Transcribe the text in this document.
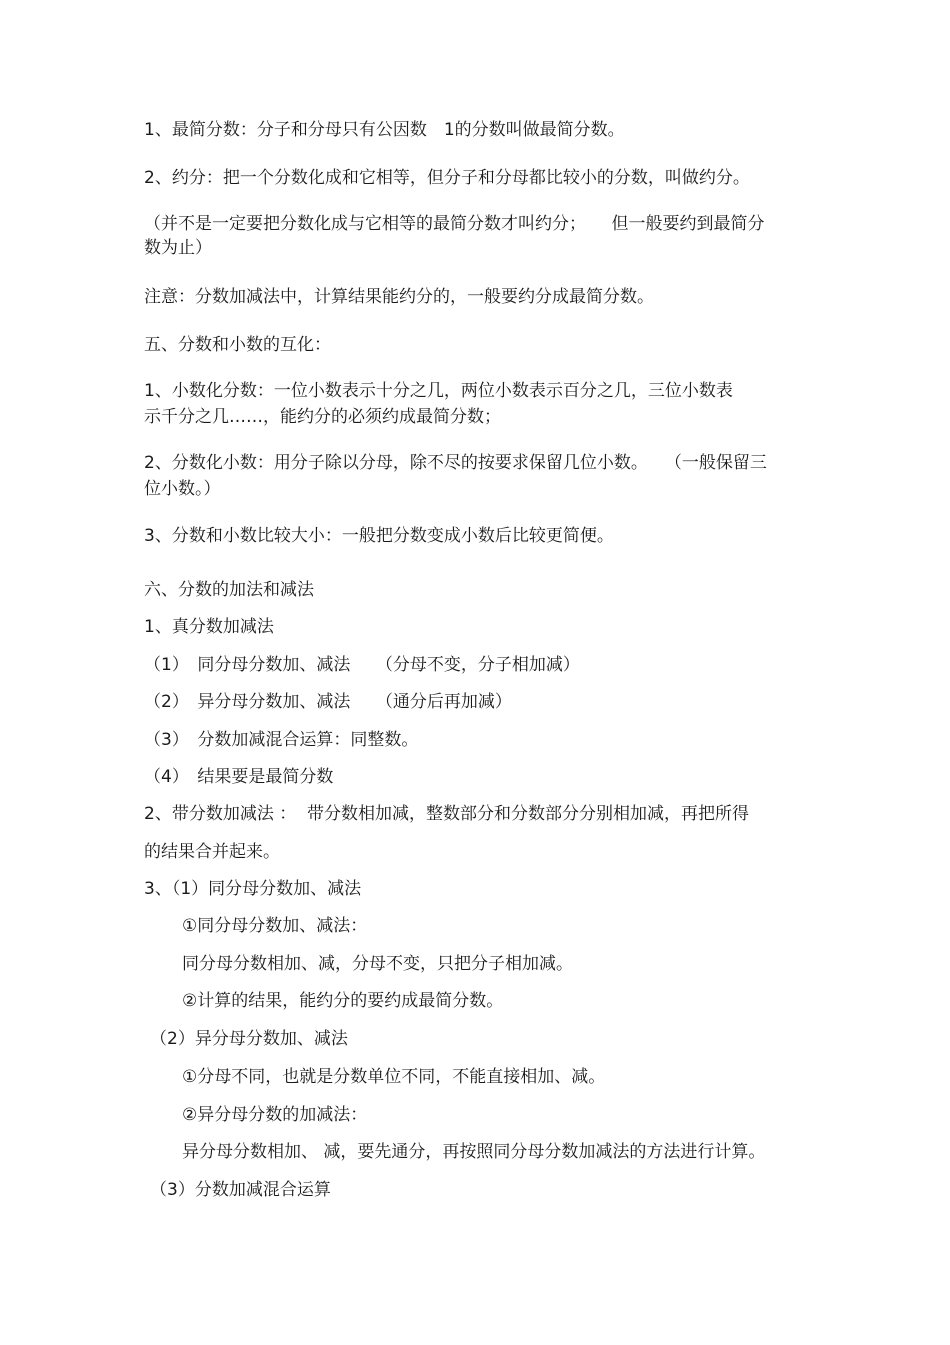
1、最简分数：分子和分母只有公因数　1的分数叫做最简分数。
2、约分：把一个分数化成和它相等，但分子和分母都比较小的分数，叫做约分。
（并不是一定要把分数化成与它相等的最简分数才叫约分；　　但一般要约到最简分
数为止）
注意：分数加减法中，计算结果能约分的，一般要约分成最简分数。
五、分数和小数的互化：
1、小数化分数：一位小数表示十分之几，两位小数表示百分之几，三位小数表
示千分之几……，能约分的必须约成最简分数；
2、分数化小数：用分子除以分母，除不尽的按要求保留几位小数。　　（一般保留三
位小数。）
3、分数和小数比较大小：一般把分数变成小数后比较更简便。
六、分数的加法和减法
1、真分数加减法
（1）　同分母分数加、减法　　（分母不变，分子相加减）
（2）　异分母分数加、减法　　（通分后再加减）
（3）　分数加减混合运算：同整数。
（4）　结果要是最简分数
2、带分数加减法 ：  带分数相加减，整数部分和分数部分分别相加减，再把所得
的结果合并起来。
3、（1）同分母分数加、减法
①同分母分数加、减法：
同分母分数相加、减，分母不变，只把分子相加减。
②计算的结果，能约分的要约成最简分数。
（2）异分母分数加、减法
①分母不同，也就是分数单位不同，不能直接相加、减。
②异分母分数的加减法：
异分母分数相加、 减，要先通分，再按照同分母分数加减法的方法进行计算。
（3）分数加减混合运算
